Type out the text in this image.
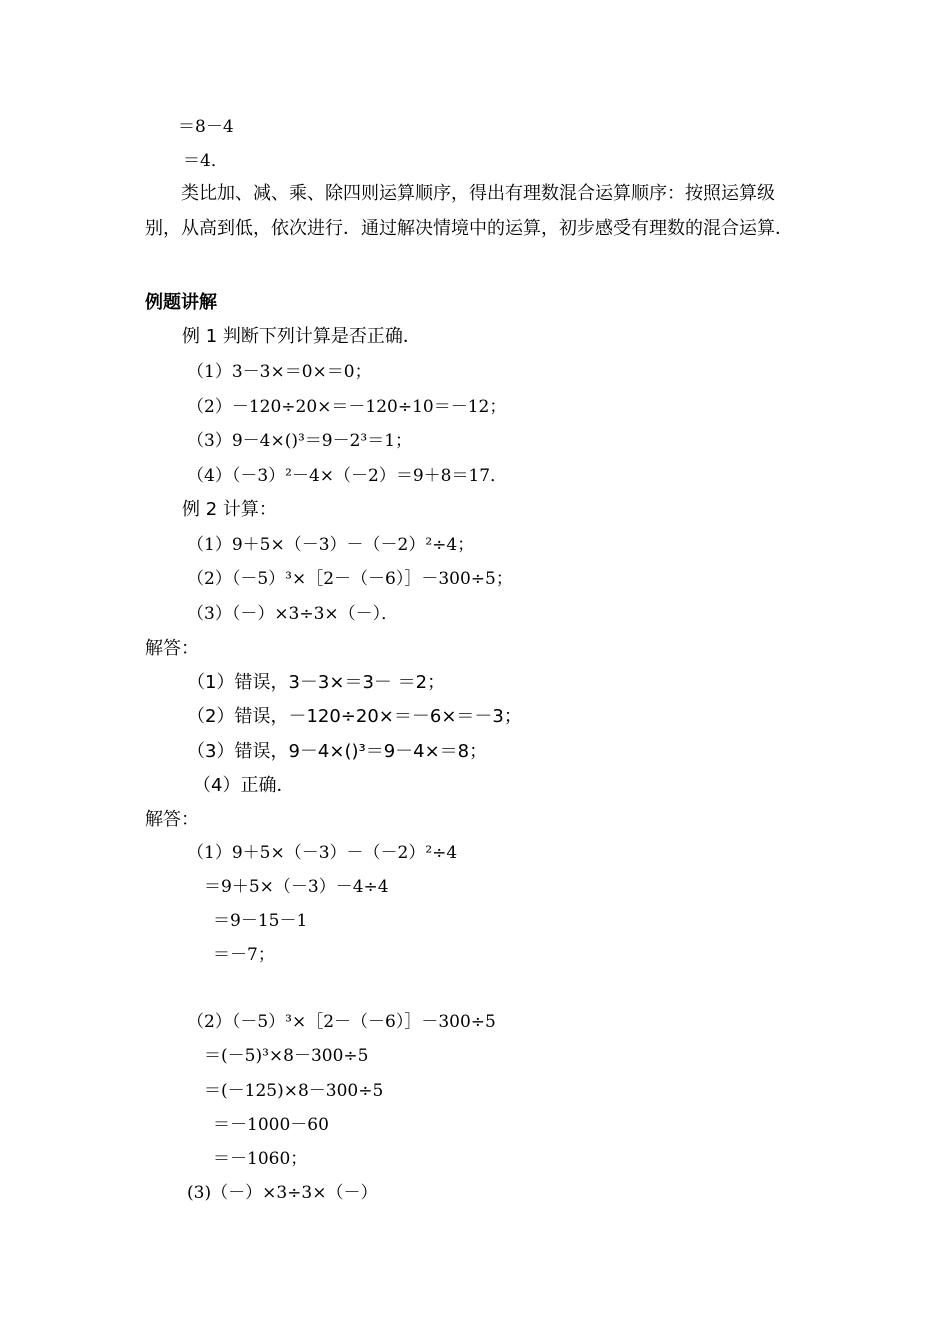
＝8－4
＝4．
类比加、减、乘、除四则运算顺序，得出有理数混合运算顺序：按照运算级别，从高到低，依次进行．通过解决情境中的运算，初步感受有理数的混合运算．
例题讲解
例 1 判断下列计算是否正确．
（1）3－3×＝0×＝0；
（2）－120÷20×＝－120÷10＝－12；
（3）9－4×()³＝9－2³＝1；
（4）（－3）²－4×（－2）＝9＋8＝17．
例 2 计算：
（1）9＋5×（－3）－（－2）²÷4；
（2）（－5）³×［2－（－6）］－300÷5；
（3）（－）×3÷3×（－）．
解答：
（1）错误，3－3×＝3－ ＝2；
（2）错误，－120÷20×＝－6×＝－3；
（3）错误，9－4×()³＝9－4×＝8；
（4）正确．
解答：
（1）9＋5×（－3）－（－2）²÷4
＝9＋5×（－3）－4÷4
＝9－15－1
＝－7；
（2）（－5）³×［2－（－6）］－300÷5
＝(－5)³×8－300÷5
＝(－125)×8－300÷5
＝－1000－60
＝－1060；
(3)（－）×3÷3×（－）
